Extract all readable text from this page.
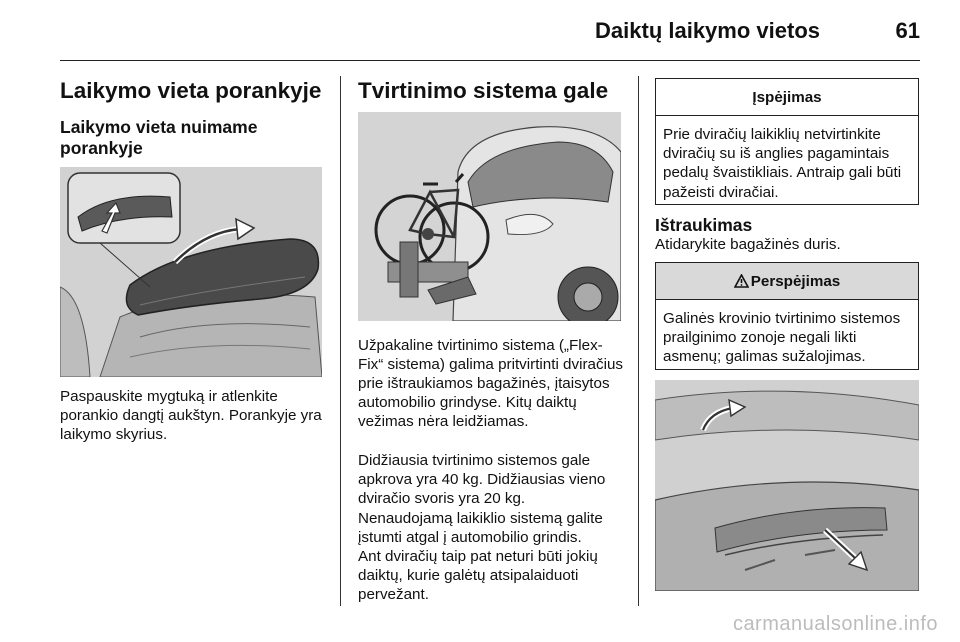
Daiktų laikymo vietos	61
Laikymo vieta porankyje
Laikymo vieta nuimame porankyje

Paspauskite mygtuką ir atlenkite porankio dangtį aukštyn. Porankyje yra laikymo skyrius.

Tvirtinimo sistema gale

Užpakaline tvirtinimo sistema („Flex-Fix“ sistema) galima pritvirtinti dviračius prie ištraukiamos bagažinės, įtaisytos automobilio grindyse. Kitų daiktų vežimas nėra leidžiamas.

Didžiausia tvirtinimo sistemos gale apkrova yra 40 kg. Didžiausias vieno dviračio svoris yra 20 kg.

Nenaudojamą laikiklio sistemą galite įstumti atgal į automobilio grindis.

Ant dviračių taip pat neturi būti jokių daiktų, kurie galėtų atsipalaiduoti pervežant.

Įspėjimas
Prie dviračių laikiklių netvirtinkite dviračių su iš anglies pagamintais pedalų švaistikliais. Antraip gali būti pažeisti dviračiai.
Ištraukimas

Atidarykite bagažinės duris.

Perspėjimas
Galinės krovinio tvirtinimo sistemos prailginimo zonoje negali likti asmenų; galimas sužalojimas.
carmanualsonline.info
